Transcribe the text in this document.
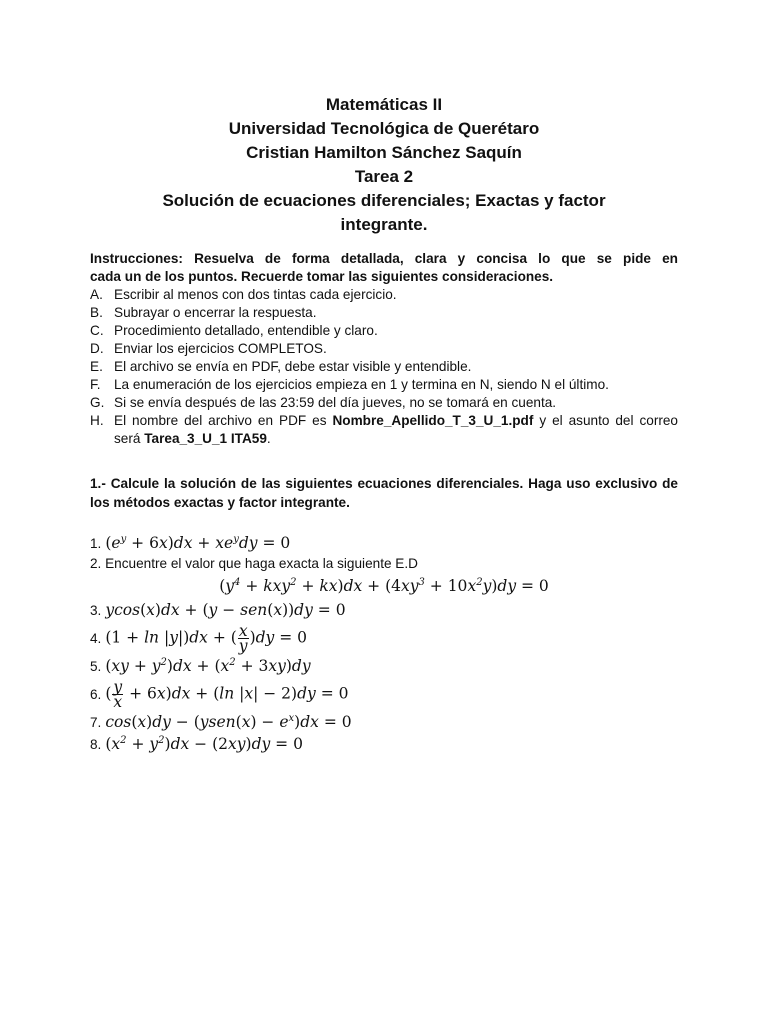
Matemáticas II
Universidad Tecnológica de Querétaro
Cristian Hamilton Sánchez Saquín
Tarea 2
Solución de ecuaciones diferenciales; Exactas y factor
integrante.
Instrucciones: Resuelva de forma detallada, clara y concisa lo que se pide en
cada un de los puntos. Recuerde tomar las siguientes consideraciones.
A. Escribir al menos con dos tintas cada ejercicio.
B. Subrayar o encerrar la respuesta.
C. Procedimiento detallado, entendible y claro.
D. Enviar los ejercicios COMPLETOS.
E. El archivo se envía en PDF, debe estar visible y entendible.
F. La enumeración de los ejercicios empieza en 1 y termina en N, siendo N el último.
G. Si se envía después de las 23:59 del día jueves, no se tomará en cuenta.
H. El nombre del archivo en PDF es Nombre_Apellido_T_3_U_1.pdf y el asunto del correo será Tarea_3_U_1 ITA59.
1.- Calcule la solución de las siguientes ecuaciones diferenciales. Haga uso exclusivo de los métodos exactas y factor integrante.
1. $(e^y + 6x)dx + xe^ydy = 0$
2. Encuentre el valor que haga exacta la siguiente E.D
$(y^4 + kxy^2 + kx)dx + (4xy^3 + 10x^2y)dy = 0$
3. ycos(x)dx + (y − sen(x))dy = 0
4. (1 + ln |y|)dx + ( $\frac{x}{y} )dy = 0$
5. $(xy + y^2)dx + (x^2 + 3xy)dy$
6. ( $\frac{y}{x} + 6x)dx + (\ln$ |x| − 2)dy = 0
7. cos(x)dy − (ysen(x) − $e^x)dx = 0$
8. $(x^2 + y^2)dx - (2xy)dy = 0$
